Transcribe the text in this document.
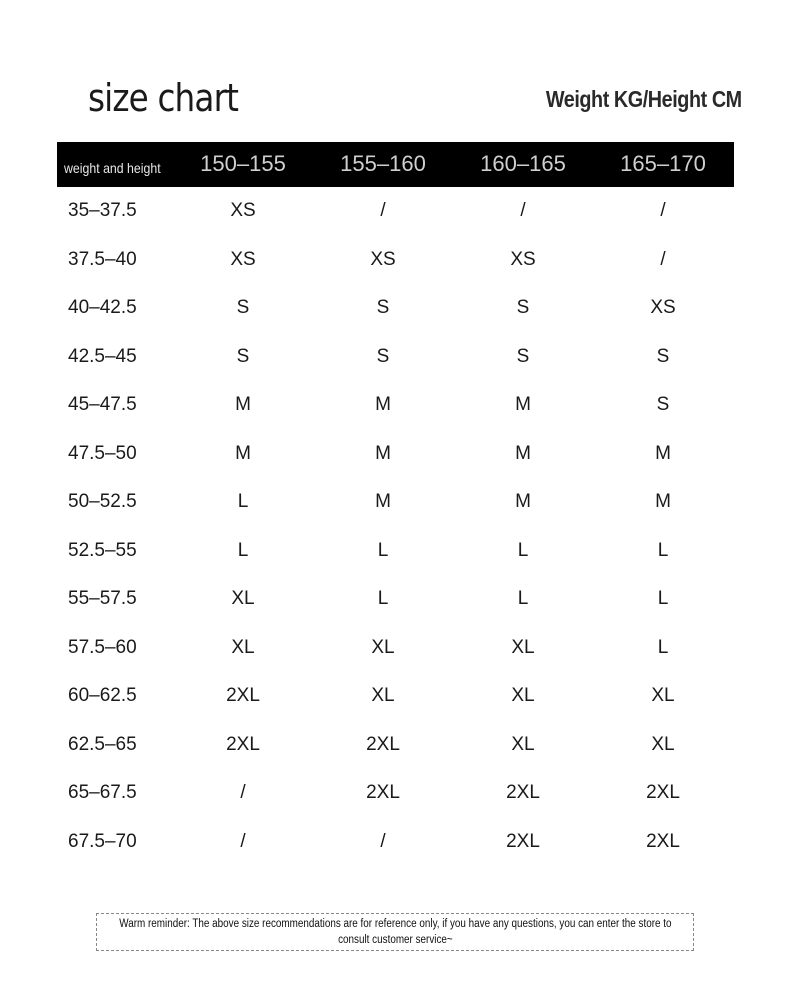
size chart	Weight KG/Height CM
weight and height	150–155	155–160	160–165	165–170
35–37.5	XS	/	/	/
37.5–40	XS	XS	XS	/
40–42.5	S	S	S	XS
42.5–45	S	S	S	S
45–47.5	M	M	M	S
47.5–50	M	M	M	M
50–52.5	L	M	M	M
52.5–55	L	L	L	L
55–57.5	XL	L	L	L
57.5–60	XL	XL	XL	L
60–62.5	2XL	XL	XL	XL
62.5–65	2XL	2XL	XL	XL
65–67.5	/	2XL	2XL	2XL
67.5–70	/	/	2XL	2XL
Warm reminder: The above size recommendations are for reference only, if you have any questions, you can enter the store to consult customer service~
